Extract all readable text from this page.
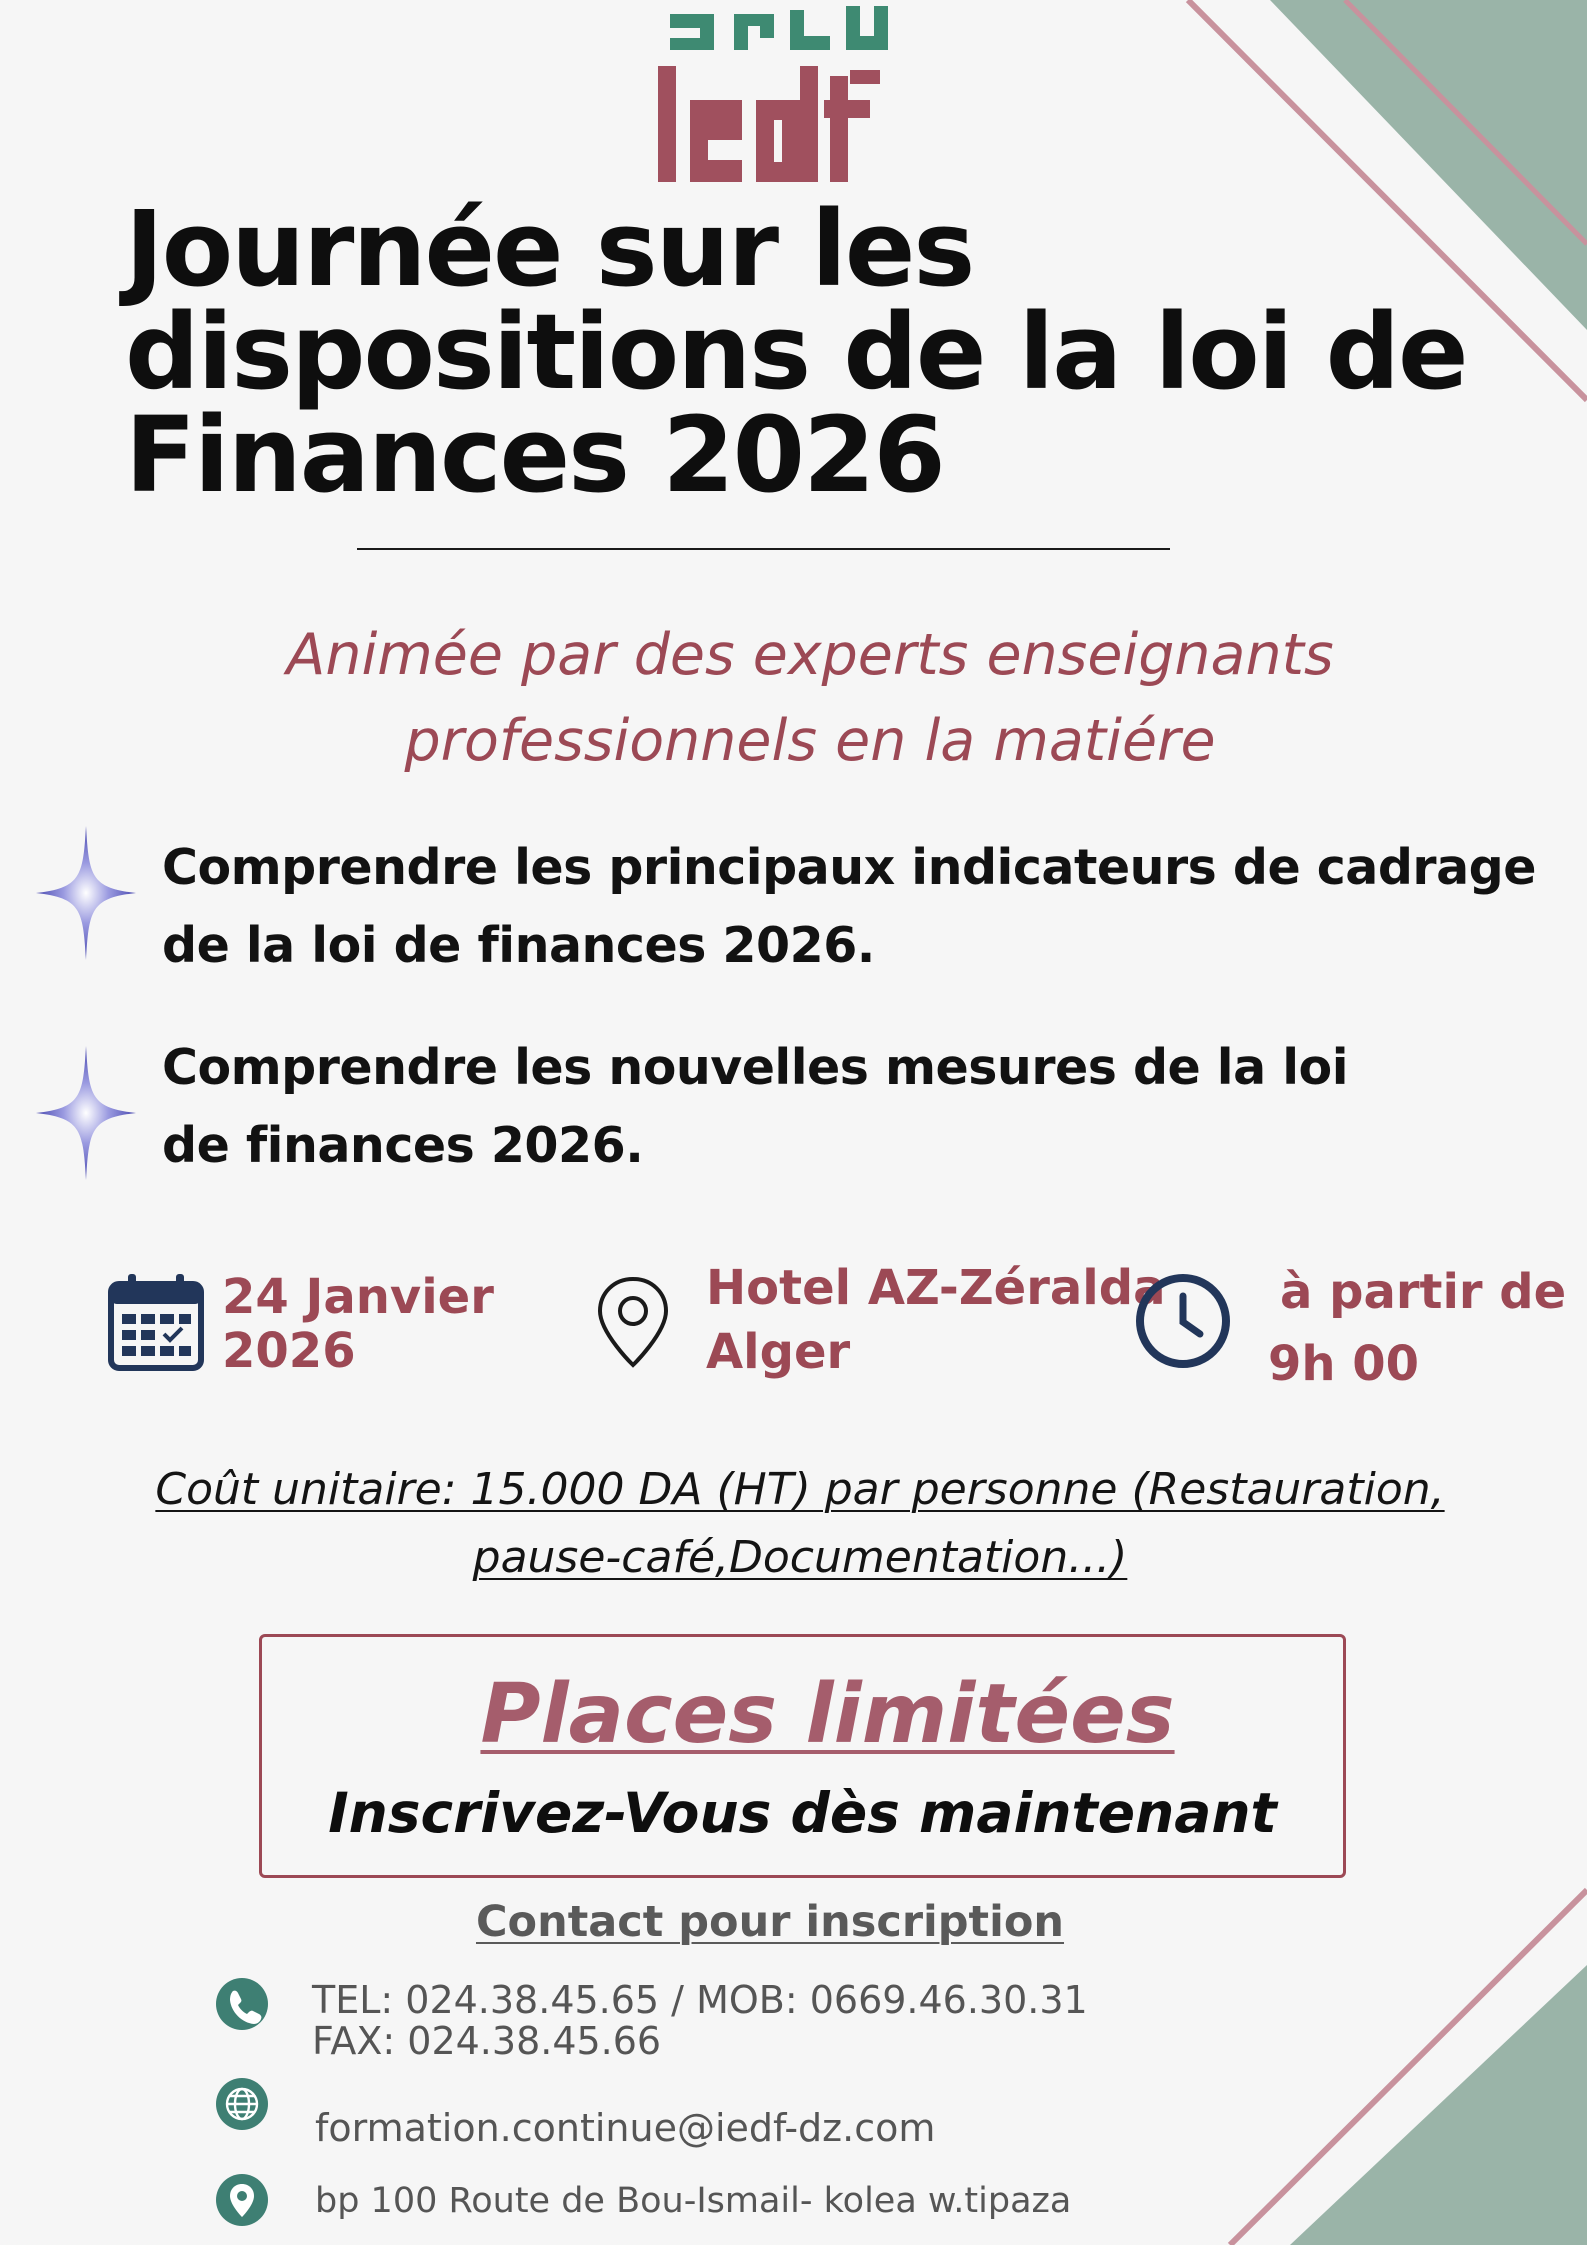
Journée sur les
dispositions de la loi de
Finances 2026
Animée par des experts enseignants
professionnels en la matiére
Comprendre les principaux indicateurs de cadrage
de la loi de finances 2026.
Comprendre les nouvelles mesures de la loi
de finances 2026.
24 Janvier
2026
Hotel AZ-Zéralda
Alger
à partir de
9h 00
Coût unitaire: 15.000 DA (HT) par personne (Restauration,
pause-café,Documentation...)
Places limitées
Inscrivez-Vous dès maintenant
Contact pour inscription
TEL: 024.38.45.65 / MOB: 0669.46.30.31
FAX: 024.38.45.66
formation.continue@iedf-dz.com
bp 100 Route de Bou-Ismail- kolea w.tipaza
